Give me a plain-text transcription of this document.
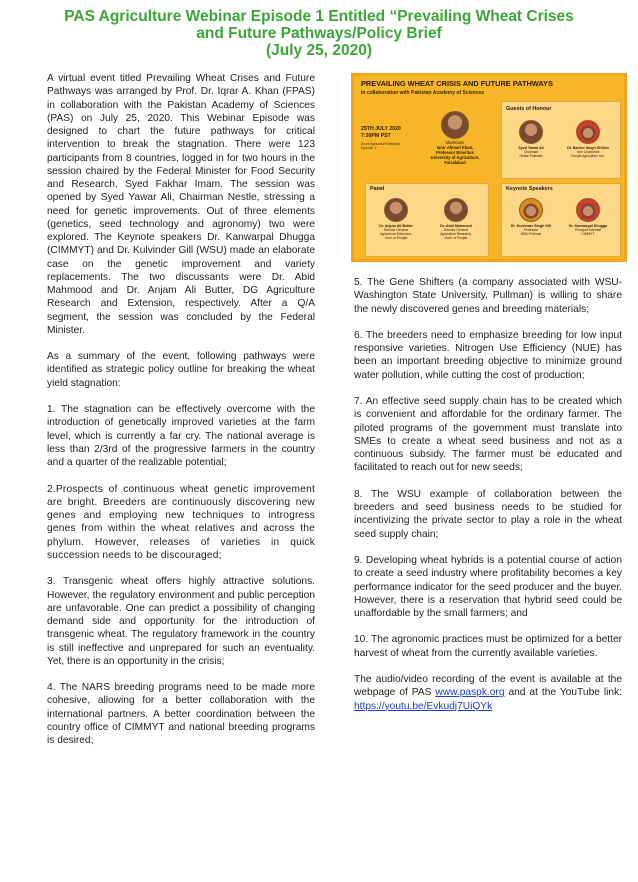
PAS Agriculture Webinar Episode 1 Entitled “Prevailing Wheat Crises
and Future Pathways/Policy Brief
(July 25, 2020)

A virtual event titled Prevailing Wheat Crises and Future Pathways was arranged by Prof. Dr. Iqrar A. Khan (FPAS) in collaboration with the Pakistan Academy of Sciences (PAS) on July 25, 2020. This Webinar Episode was designed to chart the future pathways for critical intervention to break the stagnation. There were 123 participants from 8 countries, logged in for two hours in the session chaired by the Federal Minister for Food Security and Research, Syed Fakhar Imam. The session was opened by Syed Yawar Ali, Chairman Nestle, stressing a need for genetic improvements. Out of three elements (genetics, seed technology and agronomy) two were explored. The Keynote speakers Dr. Kanwarpal Dhugga (CIMMYT) and Dr. Kulvinder Gill (WSU) made an elaborate case on the genetic improvement and variety replacements. The two discussants were Dr. Abid Mahmood and Dr. Anjam Ali Butter, DG Agriculture Research and Extension, respectively. After a Q/A segment, the session was concluded by the Federal Minister.

As a summary of the event, following pathways were identified as strategic policy outline for breaking the wheat yield stagnation:

1. The stagnation can be effectively overcome with the introduction of genetically improved varieties at the farm level, which is currently a far cry. The national average is less than 2/3rd of the progressive farmers in the country and a quarter of the realizable potential;

2.Prospects of continuous wheat genetic improvement are bright. Breeders are continuously discovering new genes and employing new techniques to introgress genes from within the wheat relatives and across the phylum. However, releases of varieties in quick succession needs to be discouraged;

3. Transgenic wheat offers highly attractive solutions. However, the regulatory environment and public perception are unfavorable. One can predict a possibility of changing demand side and opportunity for the introduction of transgenic wheat. The regulatory framework in the country is still ineffective and unprepared for such an eventuality. Yet, there is an opportunity in the crisis;

4. The NARS breeding programs need to be made more cohesive, allowing for a better collaboration with the international partners. A better coordination between the country office of CIMMYT and national breeding programs is desired;

PREVAILING WHEAT CRISIS AND FUTURE PATHWAYS
In collaboration with Pakistan Academy of Sciences
25TH JULY 2020
7:30PM PST
Zoom Agriculture Webinar
Episode 1
Moderator
Iqrar Ahmad Khan,
Professor Emeritus
University of Agriculture,
Faisalabad
Guests of Honour
Syed Yawar Ali
Chairman
Nestle Pakistan
Dr. Baldev Singh Dhillon
Vice Chancellor
Punjab Agriculture Uni.
Panel
Dr. Anjum Ali Butter
Director General
Agriculture Extension,
Govt. of Punjab
Dr. Abid Mahmood
Director General
Agriculture Research,
Govt. of Punjab
Keynote Speakers
Dr. Kulvinder Singh Gill
Professor
WSU Pullman
Dr. Kanwarpal Dhugga
Principal Scientist
CIMMYT

5. The Gene Shifters (a company associated with WSU-Washington State University, Pullman) is willing to share the newly discovered genes and breeding materials;

6. The breeders need to emphasize breeding for low input responsive varieties. Nitrogen Use Efficiency (NUE) has been an important breeding objective to minimize ground water pollution, while cutting the cost of production;

7. An effective seed supply chain has to be created which is convenient and affordable for the ordinary farmer. The piloted programs of the government must translate into SMEs to create a wheat seed business and not as a continuous subsidy. The farmer must be educated and facilitated to reach out for new seeds;

8. The WSU example of collaboration between the breeders and seed business needs to be studied for incentivizing the private sector to play a role in the wheat seed supply chain;

9. Developing wheat hybrids is a potential course of action to create a seed industry where profitability becomes a key performance indicator for the seed producer and the buyer. However, there is a reservation that hybrid seed could be unaffordable by the small farmers; and

10. The agronomic practices must be optimized for a better harvest of wheat from the currently available varieties.

The audio/video recording of the event is available at the webpage of PAS www.paspk.org and at the YouTube link: https://youtu.be/Evkudj7UiQYk
